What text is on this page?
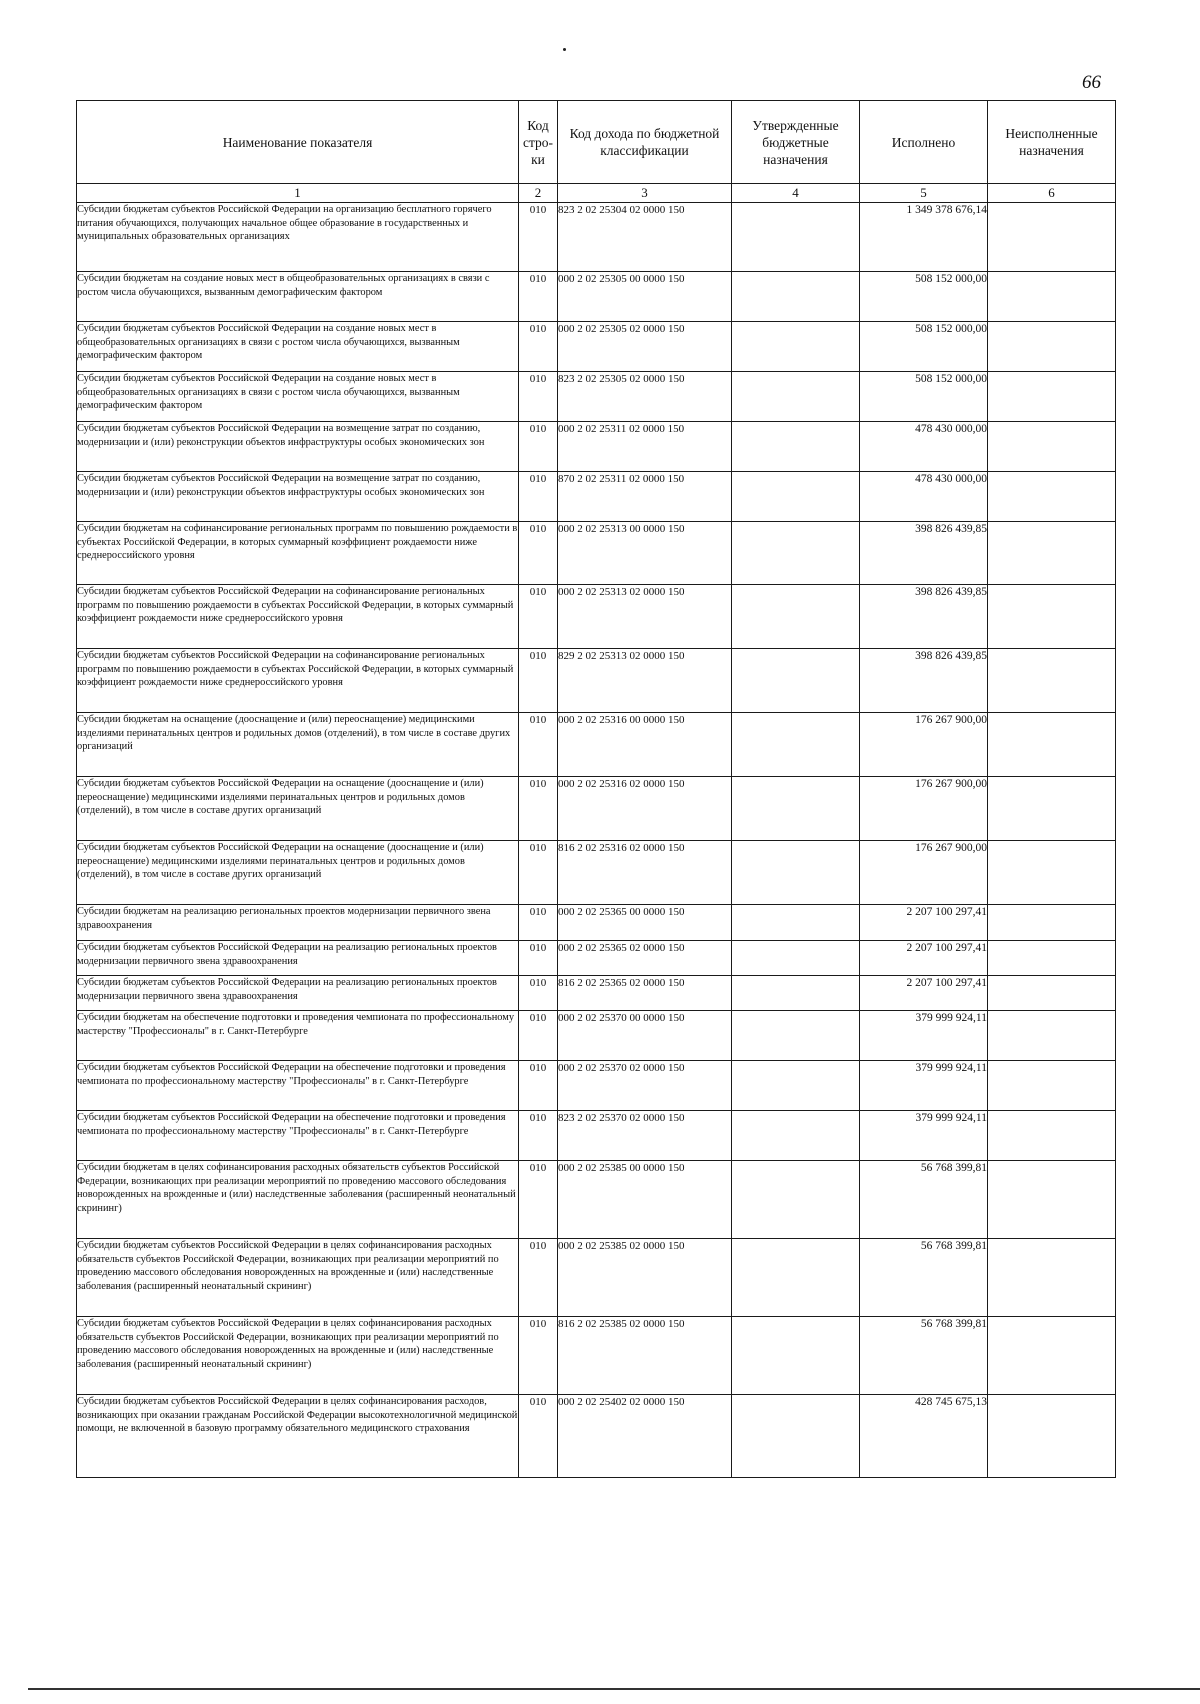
66
Наименование показателя	Код стро- ки	Код дохода по бюджетной классификации	Утвержденные бюджетные назначения	Исполнено	Неисполненные назначения
1	2	3	4	5	6
Субсидии бюджетам субъектов Российской Федерации на организацию бесплатного горячего питания обучающихся, получающих начальное общее образование в государственных и муниципальных образовательных организациях	010	823 2 02 25304 02 0000 150		1 349 378 676,14	
Субсидии бюджетам на создание новых мест в общеобразовательных организациях в связи с ростом числа обучающихся, вызванным демографическим фактором	010	000 2 02 25305 00 0000 150		508 152 000,00	
Субсидии бюджетам субъектов Российской Федерации на создание новых мест в общеобразовательных организациях в связи с ростом числа обучающихся, вызванным демографическим фактором	010	000 2 02 25305 02 0000 150		508 152 000,00	
Субсидии бюджетам субъектов Российской Федерации на создание новых мест в общеобразовательных организациях в связи с ростом числа обучающихся, вызванным демографическим фактором	010	823 2 02 25305 02 0000 150		508 152 000,00	
Субсидии бюджетам субъектов Российской Федерации на возмещение затрат по созданию, модернизации и (или) реконструкции объектов инфраструктуры особых экономических зон	010	000 2 02 25311 02 0000 150		478 430 000,00	
Субсидии бюджетам субъектов Российской Федерации на возмещение затрат по созданию, модернизации и (или) реконструкции объектов инфраструктуры особых экономических зон	010	870 2 02 25311 02 0000 150		478 430 000,00	
Субсидии бюджетам на софинансирование региональных программ по повышению рождаемости в субъектах Российской Федерации, в которых суммарный коэффициент рождаемости ниже среднероссийского уровня	010	000 2 02 25313 00 0000 150		398 826 439,85	
Субсидии бюджетам субъектов Российской Федерации на софинансирование региональных программ по повышению рождаемости в субъектах Российской Федерации, в которых суммарный коэффициент рождаемости ниже среднероссийского уровня	010	000 2 02 25313 02 0000 150		398 826 439,85	
Субсидии бюджетам субъектов Российской Федерации на софинансирование региональных программ по повышению рождаемости в субъектах Российской Федерации, в которых суммарный коэффициент рождаемости ниже среднероссийского уровня	010	829 2 02 25313 02 0000 150		398 826 439,85	
Субсидии бюджетам на оснащение (дооснащение и (или) переоснащение) медицинскими изделиями перинатальных центров и родильных домов (отделений), в том числе в составе других организаций	010	000 2 02 25316 00 0000 150		176 267 900,00	
Субсидии бюджетам субъектов Российской Федерации на оснащение (дооснащение и (или) переоснащение) медицинскими изделиями перинатальных центров и родильных домов (отделений), в том числе в составе других организаций	010	000 2 02 25316 02 0000 150		176 267 900,00	
Субсидии бюджетам субъектов Российской Федерации на оснащение (дооснащение и (или) переоснащение) медицинскими изделиями перинатальных центров и родильных домов (отделений), в том числе в составе других организаций	010	816 2 02 25316 02 0000 150		176 267 900,00	
Субсидии бюджетам на реализацию региональных проектов модернизации первичного звена здравоохранения	010	000 2 02 25365 00 0000 150		2 207 100 297,41	
Субсидии бюджетам субъектов Российской Федерации на реализацию региональных проектов модернизации первичного звена здравоохранения	010	000 2 02 25365 02 0000 150		2 207 100 297,41	
Субсидии бюджетам субъектов Российской Федерации на реализацию региональных проектов модернизации первичного звена здравоохранения	010	816 2 02 25365 02 0000 150		2 207 100 297,41	
Субсидии бюджетам на обеспечение подготовки и проведения чемпионата по профессиональному мастерству "Профессионалы" в г. Санкт-Петербурге	010	000 2 02 25370 00 0000 150		379 999 924,11	
Субсидии бюджетам субъектов Российской Федерации на обеспечение подготовки и проведения чемпионата по профессиональному мастерству "Профессионалы" в г. Санкт-Петербурге	010	000 2 02 25370 02 0000 150		379 999 924,11	
Субсидии бюджетам субъектов Российской Федерации на обеспечение подготовки и проведения чемпионата по профессиональному мастерству "Профессионалы" в г. Санкт-Петербурге	010	823 2 02 25370 02 0000 150		379 999 924,11	
Субсидии бюджетам в целях софинансирования расходных обязательств субъектов Российской Федерации, возникающих при реализации мероприятий по проведению массового обследования новорожденных на врожденные и (или) наследственные заболевания (расширенный неонатальный скрининг)	010	000 2 02 25385 00 0000 150		56 768 399,81	
Субсидии бюджетам субъектов Российской Федерации в целях софинансирования расходных обязательств субъектов Российской Федерации, возникающих при реализации мероприятий по проведению массового обследования новорожденных на врожденные и (или) наследственные заболевания (расширенный неонатальный скрининг)	010	000 2 02 25385 02 0000 150		56 768 399,81	
Субсидии бюджетам субъектов Российской Федерации в целях софинансирования расходных обязательств субъектов Российской Федерации, возникающих при реализации мероприятий по проведению массового обследования новорожденных на врожденные и (или) наследственные заболевания (расширенный неонатальный скрининг)	010	816 2 02 25385 02 0000 150		56 768 399,81	
Субсидии бюджетам субъектов Российской Федерации в целях софинансирования расходов, возникающих при оказании гражданам Российской Федерации высокотехнологичной медицинской помощи, не включенной в базовую программу обязательного медицинского страхования	010	000 2 02 25402 02 0000 150		428 745 675,13	
